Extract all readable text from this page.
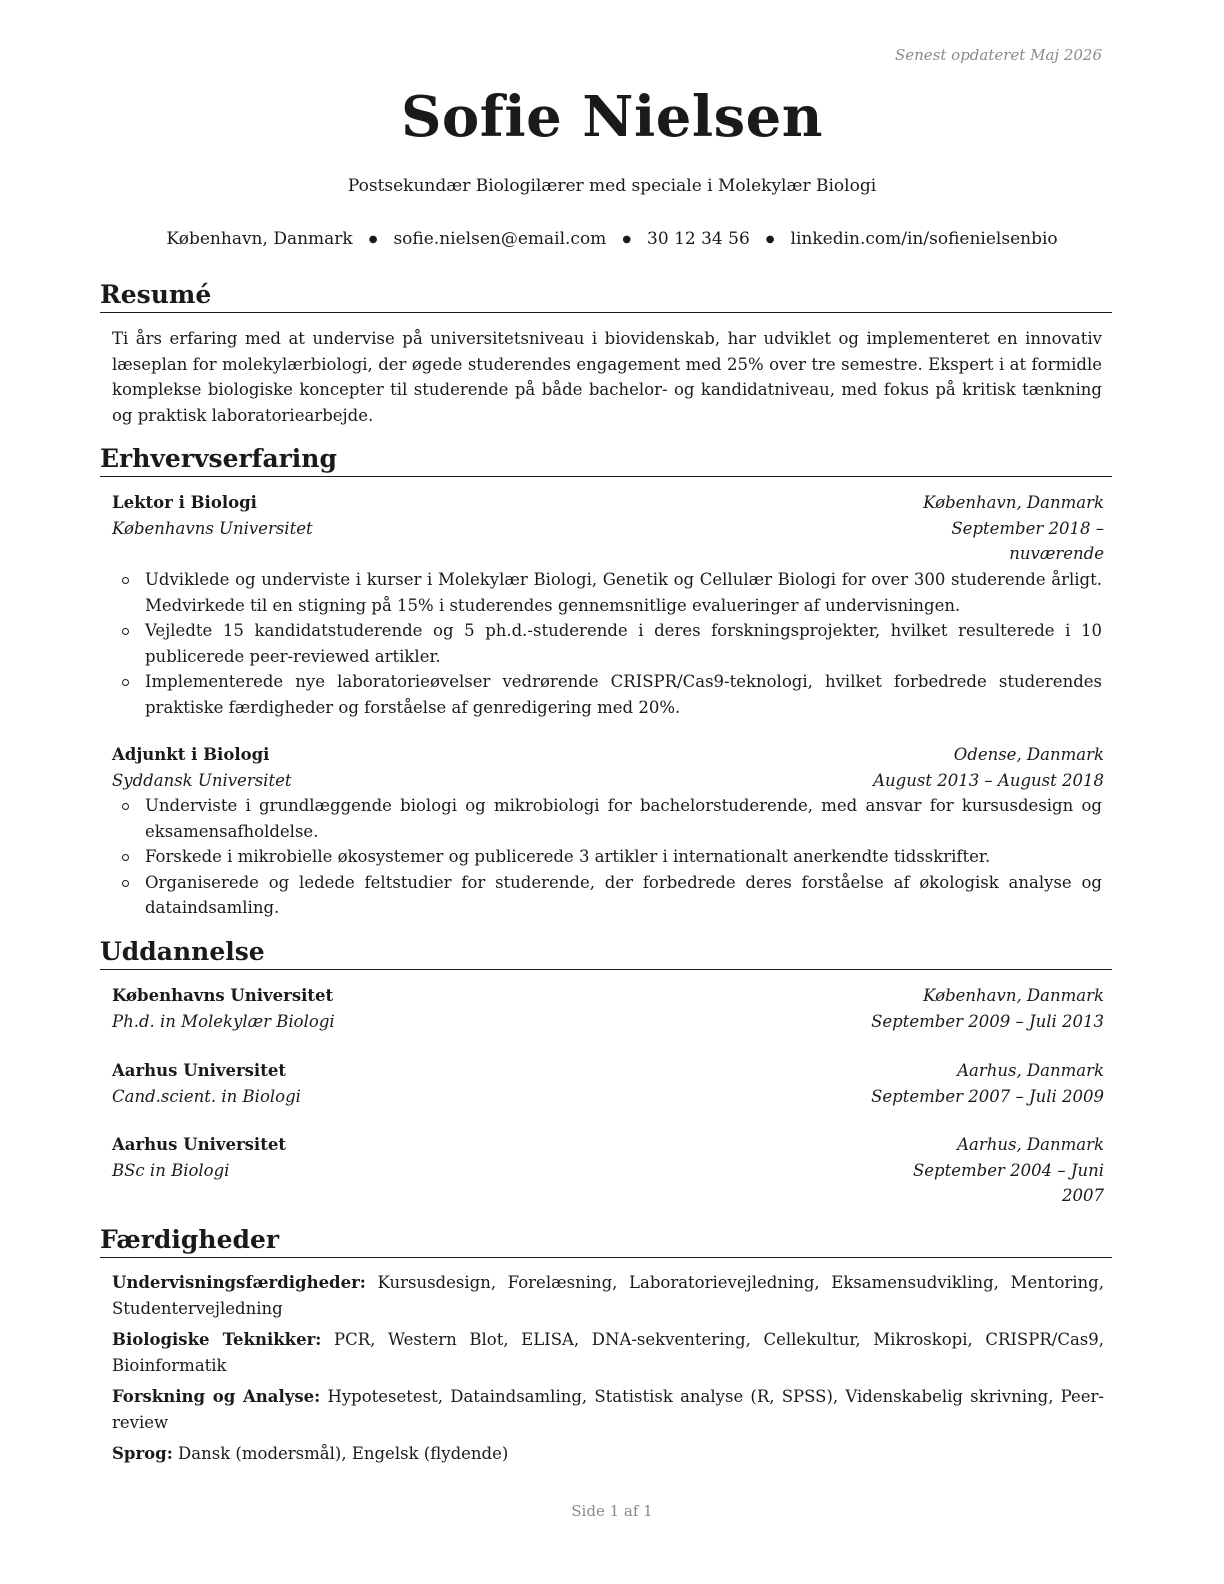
Senest opdateret Maj 2026
Sofie Nielsen
Postsekundær Biologilærer med speciale i Molekylær Biologi
København, Danmark ● sofie.nielsen@email.com ● 30 12 34 56 ● linkedin.com/in/sofienielsenbio
Resumé
Ti års erfaring med at undervise på universitetsniveau i biovidenskab, har udviklet og implementeret en innovativ læseplan for molekylærbiologi, der øgede studerendes engagement med 25% over tre semestre. Ekspert i at formidle komplekse biologiske koncepter til studerende på både bachelor- og kandidatniveau, med fokus på kritisk tænkning og praktisk laboratoriearbejde.
Erhvervserfaring
Lektor i Biologi	København, Danmark
Københavns Universitet	September 2018 – nuværende
Udviklede og underviste i kurser i Molekylær Biologi, Genetik og Cellulær Biologi for over 300 studerende årligt. Medvirkede til en stigning på 15% i studerendes gennemsnitlige evalueringer af undervisningen.
Vejledte 15 kandidatstuderende og 5 ph.d.-studerende i deres forskningsprojekter, hvilket resulterede i 10 publicerede peer-reviewed artikler.
Implementerede nye laboratorieøvelser vedrørende CRISPR/Cas9-teknologi, hvilket forbedrede studerendes praktiske færdigheder og forståelse af genredigering med 20%.
Adjunkt i Biologi	Odense, Danmark
Syddansk Universitet	August 2013 – August 2018
Underviste i grundlæggende biologi og mikrobiologi for bachelorstuderende, med ansvar for kursusdesign og eksamensafholdelse.
Forskede i mikrobielle økosystemer og publicerede 3 artikler i internationalt anerkendte tidsskrifter.
Organiserede og ledede feltstudier for studerende, der forbedrede deres forståelse af økologisk analyse og dataindsamling.
Uddannelse
Københavns Universitet	København, Danmark
Ph.d. in Molekylær Biologi	September 2009 – Juli 2013
Aarhus Universitet	Aarhus, Danmark
Cand.scient. in Biologi	September 2007 – Juli 2009
Aarhus Universitet	Aarhus, Danmark
BSc in Biologi	September 2004 – Juni 2007
Færdigheder
Undervisningsfærdigheder: Kursusdesign, Forelæsning, Laboratorievejledning, Eksamensudvikling, Mentoring, Studentervejledning
Biologiske Teknikker: PCR, Western Blot, ELISA, DNA-sekventering, Cellekultur, Mikroskopi, CRISPR/Cas9, Bioinformatik
Forskning og Analyse: Hypotesetest, Dataindsamling, Statistisk analyse (R, SPSS), Videnskabelig skrivning, Peer-review
Sprog: Dansk (modersmål), Engelsk (flydende)
Side 1 af 1
